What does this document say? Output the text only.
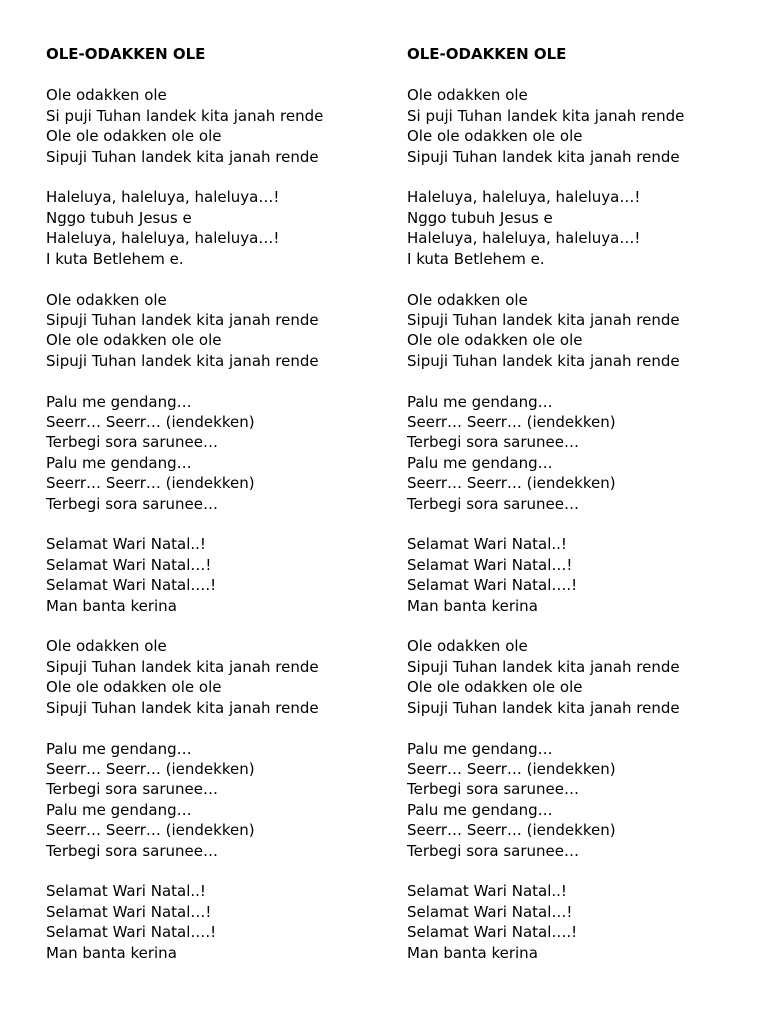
OLE-ODAKKEN OLE
Ole odakken ole
Si puji Tuhan landek kita janah rende
Ole ole odakken ole ole
Sipuji Tuhan landek kita janah rende
Haleluya, haleluya, haleluya…!
Nggo tubuh Jesus e
Haleluya, haleluya, haleluya…!
I kuta Betlehem e.
Ole odakken ole
Sipuji Tuhan landek kita janah rende
Ole ole odakken ole ole
Sipuji Tuhan landek kita janah rende
Palu me gendang…
Seerr… Seerr… (iendekken)
Terbegi sora sarunee…
Palu me gendang…
Seerr… Seerr… (iendekken)
Terbegi sora sarunee…
Selamat Wari Natal..!
Selamat Wari Natal…!
Selamat Wari Natal….!
Man banta kerina
Ole odakken ole
Sipuji Tuhan landek kita janah rende
Ole ole odakken ole ole
Sipuji Tuhan landek kita janah rende
Palu me gendang…
Seerr… Seerr… (iendekken)
Terbegi sora sarunee…
Palu me gendang…
Seerr… Seerr… (iendekken)
Terbegi sora sarunee…
Selamat Wari Natal..!
Selamat Wari Natal…!
Selamat Wari Natal….!
Man banta kerina
OLE-ODAKKEN OLE
Ole odakken ole
Si puji Tuhan landek kita janah rende
Ole ole odakken ole ole
Sipuji Tuhan landek kita janah rende
Haleluya, haleluya, haleluya…!
Nggo tubuh Jesus e
Haleluya, haleluya, haleluya…!
I kuta Betlehem e.
Ole odakken ole
Sipuji Tuhan landek kita janah rende
Ole ole odakken ole ole
Sipuji Tuhan landek kita janah rende
Palu me gendang…
Seerr… Seerr… (iendekken)
Terbegi sora sarunee…
Palu me gendang…
Seerr… Seerr… (iendekken)
Terbegi sora sarunee…
Selamat Wari Natal..!
Selamat Wari Natal…!
Selamat Wari Natal….!
Man banta kerina
Ole odakken ole
Sipuji Tuhan landek kita janah rende
Ole ole odakken ole ole
Sipuji Tuhan landek kita janah rende
Palu me gendang…
Seerr… Seerr… (iendekken)
Terbegi sora sarunee…
Palu me gendang…
Seerr… Seerr… (iendekken)
Terbegi sora sarunee…
Selamat Wari Natal..!
Selamat Wari Natal…!
Selamat Wari Natal….!
Man banta kerina
